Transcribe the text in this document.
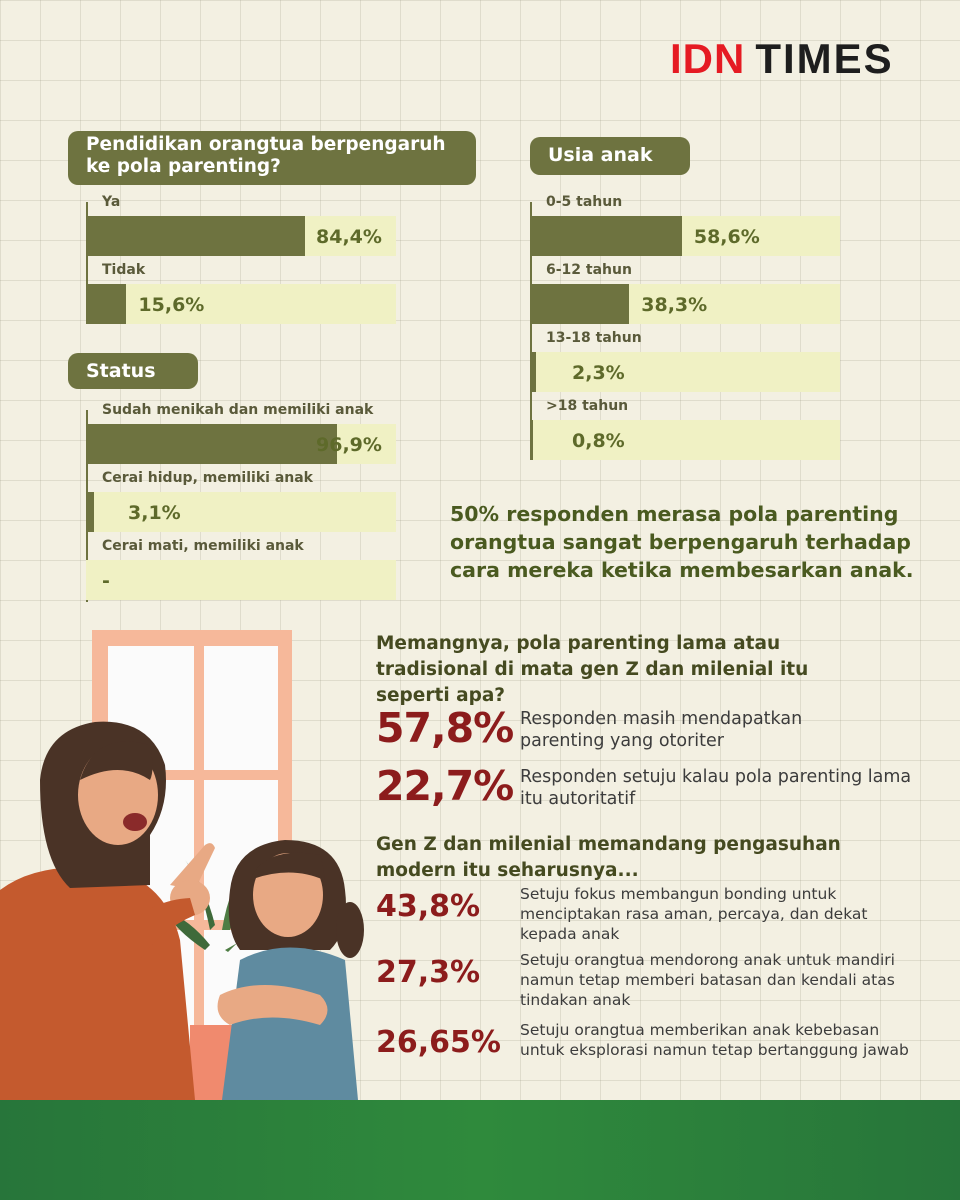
IDN TIMES
Pendidikan orangtua berpengaruh ke pola parenting?
Ya
84,4%
Tidak
15,6%
Status
Sudah menikah dan memiliki anak
96,9%
Cerai hidup, memiliki anak
3,1%
Cerai mati, memiliki anak
-
Usia anak
0-5 tahun
58,6%
6-12 tahun
38,3%
13-18 tahun
2,3%
>18 tahun
0,8%

50% responden merasa pola parenting orangtua sangat berpengaruh terhadap cara mereka ketika membesarkan anak.

Memangnya, pola parenting lama atau tradisional di mata gen Z dan milenial itu seperti apa?

57,8% Responden masih mendapatkan parenting yang otoriter

22,7% Responden setuju kalau pola parenting lama itu autoritatif

Gen Z dan milenial memandang pengasuhan modern itu seharusnya...

43,8%	Setuju fokus membangun bonding untuk menciptakan rasa aman, percaya, dan dekat kepada anak

27,3%	Setuju orangtua mendorong anak untuk mandiri namun tetap memberi batasan dan kendali atas tindakan anak

26,65% Setuju orangtua memberikan anak kebebasan untuk eksplorasi namun tetap bertanggung jawab
